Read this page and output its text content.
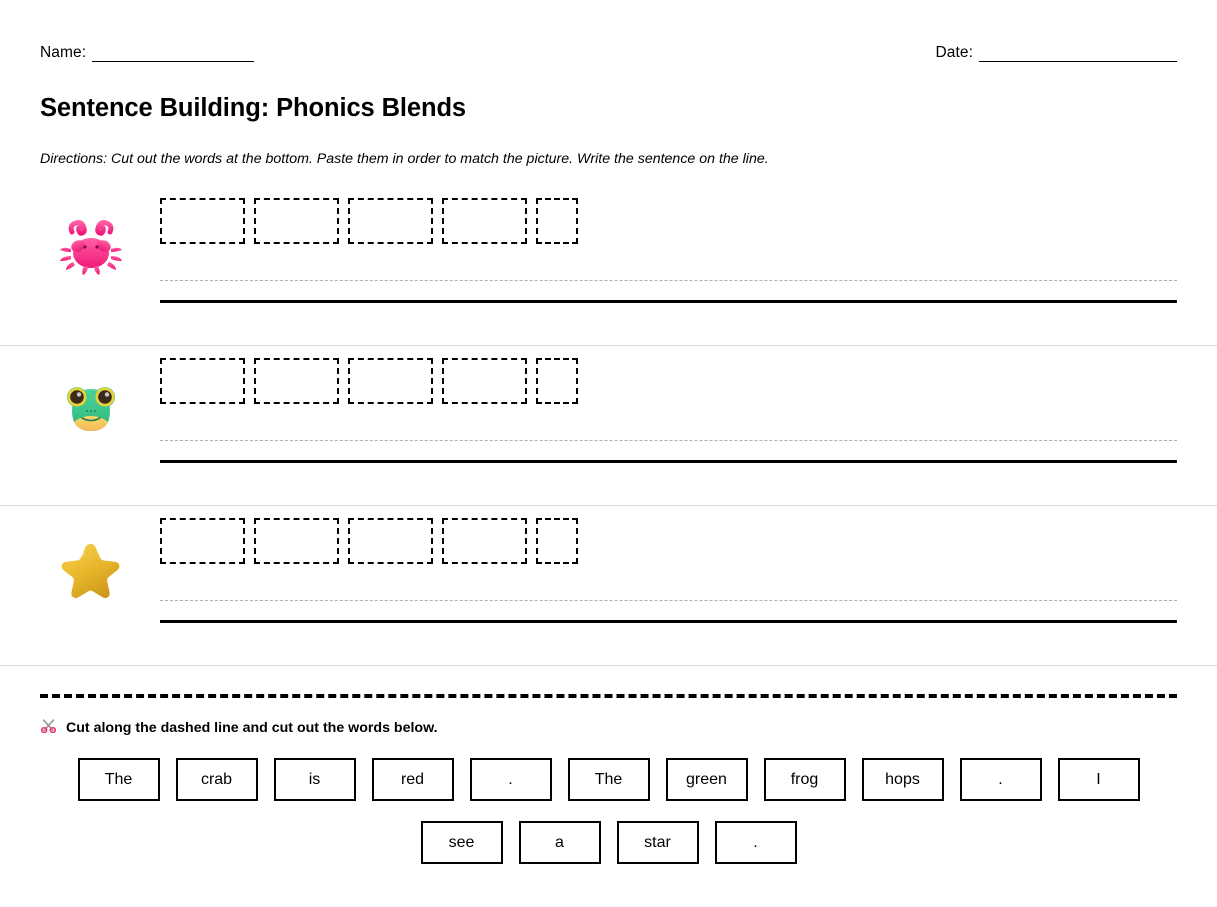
Name:	Date:
Sentence Building: Phonics Blends
Directions: Cut out the words at the bottom. Paste them in order to match the picture. Write the sentence on the line.
Cut along the dashed line and cut out the words below.
The	crab	is	red	.	The	green	frog	hops	.	I
see	a	star	.
